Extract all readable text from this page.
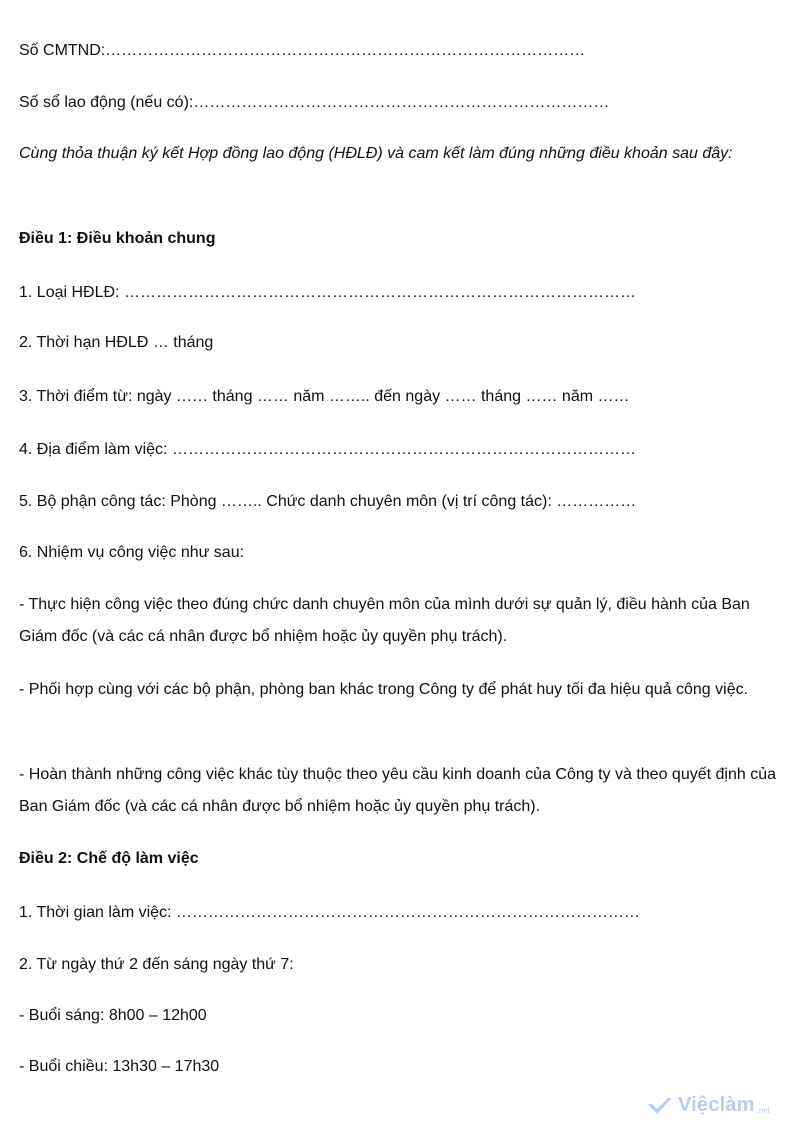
Số CMTND:………………………………………………………………………………

Số sổ lao động (nếu có):……………………………………………………………………

Cùng thỏa thuận ký kết Hợp đồng lao động (HĐLĐ) và cam kết làm đúng những điều khoản sau đây:

Điều 1: Điều khoản chung

1. Loại HĐLĐ: ……………………………………………………………………………………

2. Thời hạn HĐLĐ … tháng

3. Thời điểm từ: ngày …… tháng …… năm …….. đến ngày …… tháng …… năm ……

4. Địa điểm làm việc: ……………………………………………………………………………

5. Bộ phận công tác: Phòng …….. Chức danh chuyên môn (vị trí công tác): ……………

6. Nhiệm vụ công việc như sau:

- Thực hiện công việc theo đúng chức danh chuyên môn của mình dưới sự quản lý, điều hành của Ban Giám đốc (và các cá nhân được bổ nhiệm hoặc ủy quyền phụ trách).

- Phối hợp cùng với các bộ phận, phòng ban khác trong Công ty để phát huy tối đa hiệu quả công việc.

- Hoàn thành những công việc khác tùy thuộc theo yêu cầu kinh doanh của Công ty và theo quyết định của Ban Giám đốc (và các cá nhân được bổ nhiệm hoặc ủy quyền phụ trách).

Điều 2: Chế độ làm việc

1. Thời gian làm việc: ……………………………………………………………………………

2. Từ ngày thứ 2 đến sáng ngày thứ 7:

- Buổi sáng: 8h00 – 12h00

- Buổi chiều: 13h30 – 17h30

Việclàm .net
